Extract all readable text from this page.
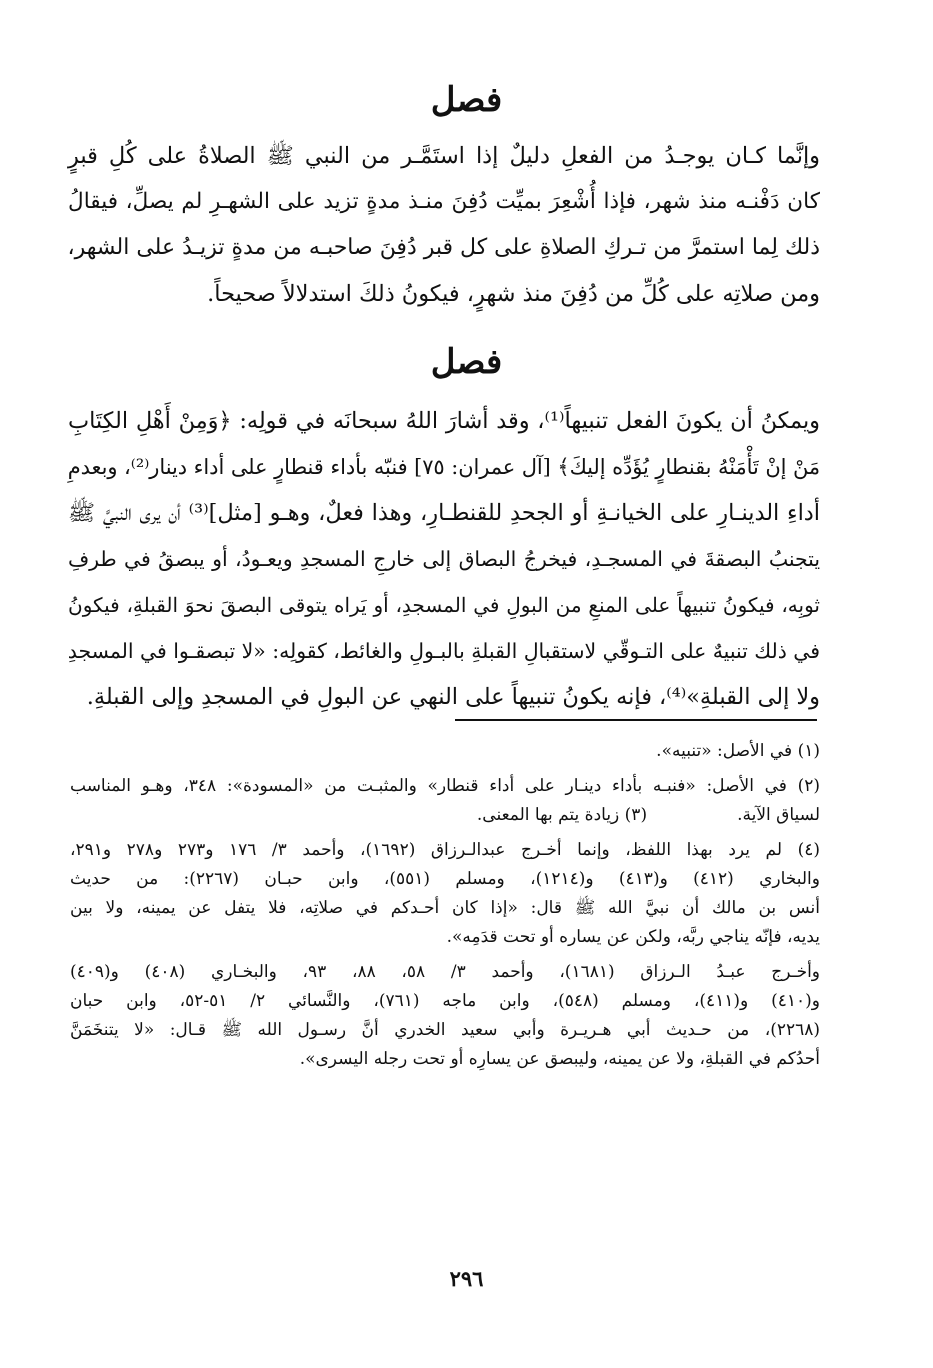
فصل
وإنَّما كـان يوجـدُ من الفعلِ دليلٌ إذا استَمَّـر من النبي ﷺ الصلاةُ على كُلِ قبرٍ
كان دَفْنـه منذ شهر، فإذا أُشْعِرَ بميِّت دُفِنَ منـذ مدةٍ تزيد على الشهـرِ لم يصلِّ، فيقالُ
ذلك لِما استمرَّ من تـركِ الصلاةِ على كل قبر دُفِنَ صاحبـه من مدةٍ تزيـدُ على الشهر،
ومن صلاتِه على كُلِّ من دُفِنَ منذ شهرٍ، فيكونُ ذلكَ استدلالاً صحيحاً.
فصل
ويمكنُ أن يكونَ الفعل تنبيهاً⁽¹⁾، وقد أشارَ اللهُ سبحانَه في قولِه: ﴿وَمِنْ أَهْلِ الكِتَابِ
مَنْ إنْ تَأْمَنْهُ بقنطارٍ يُؤَدِّه إليكَ﴾ [آل عمران: ٧٥] فنبّه بأداء قنطارٍ على أداء دينار⁽²⁾، وبعدمِ
أداءِ الدينـارِ على الخيانـةِ أو الجحدِ للقنطـارِ، وهذا فعلٌ، وهـو [مثل]⁽³⁾ أن يرى النبيَّ ﷺ
يتجنبُ البصقةَ في المسجـدِ، فيخرجُ البصاق إلى خارجِ المسجدِ ويعـودُ، أو يبصقُ في طرفِ
ثوبِه، فيكونُ تنبيهاً على المنعِ من البولِ في المسجدِ، أو يَراه يتوقى البصقَ نحوَ القبلةِ، فيكونُ
في ذلك تنبيهٌ على التـوقّي لاستقبالِ القبلةِ بالبـولِ والغائط، كقولِه: «لا تبصقـوا في المسجدِ
ولا إلى القبلةِ»⁽⁴⁾، فإنه يكونُ تنبيهاً على النهي عن البولِ في المسجدِ وإلى القبلةِ.
(١) في الأصل: «تنبيه».
(٢) في الأصل: «فنبـه بأداء دينـار على أداء قنطار» والمثبـت من «المسودة»: ٣٤٨، وهـو المناسب
لسياق الآية.(٣) زيادة يتم بها المعنى.
(٤) لم يرد بهذا اللفظ، وإنما أخـرج عبدالـرزاق (١٦٩٢)، وأحمد ٣/ ١٧٦ و٢٧٣ و٢٧٨ و٢٩١،
والبخاري (٤١٢) و(٤١٣) و(١٢١٤)، ومسلم (٥٥١)، وابن حبـان (٢٢٦٧): من حديث
أنس بن مالك أن نبيَّ الله ﷺ قال: «إذا كان أحـدكم في صلاتِه، فلا يتفل عن يمينه، ولا بين
يديه، فإنّه يناجي ربَّه، ولكن عن يساره أو تحت قدَمِه».
وأخـرج عبـدُ الـرزاق (١٦٨١)، وأحمد ٣/ ٥٨، ٨٨، ٩٣، والبخـاري (٤٠٨) و(٤٠٩)
و(٤١٠) و(٤١١)، ومسلم (٥٤٨)، وابن ماجه (٧٦١)، والنَّسائي ٢/ ٥١-٥٢، وابن حبان
(٢٢٦٨)، من حـديث أبي هـريـرة وأبي سعيد الخدري أنَّ رسـول الله ﷺ قـال: «لا يتنخَمَنَّ
أحدُكم في القبلةِ، ولا عن يمينه، وليبصق عن يسارِه أو تحت رجله اليسرى».
٢٩٦
